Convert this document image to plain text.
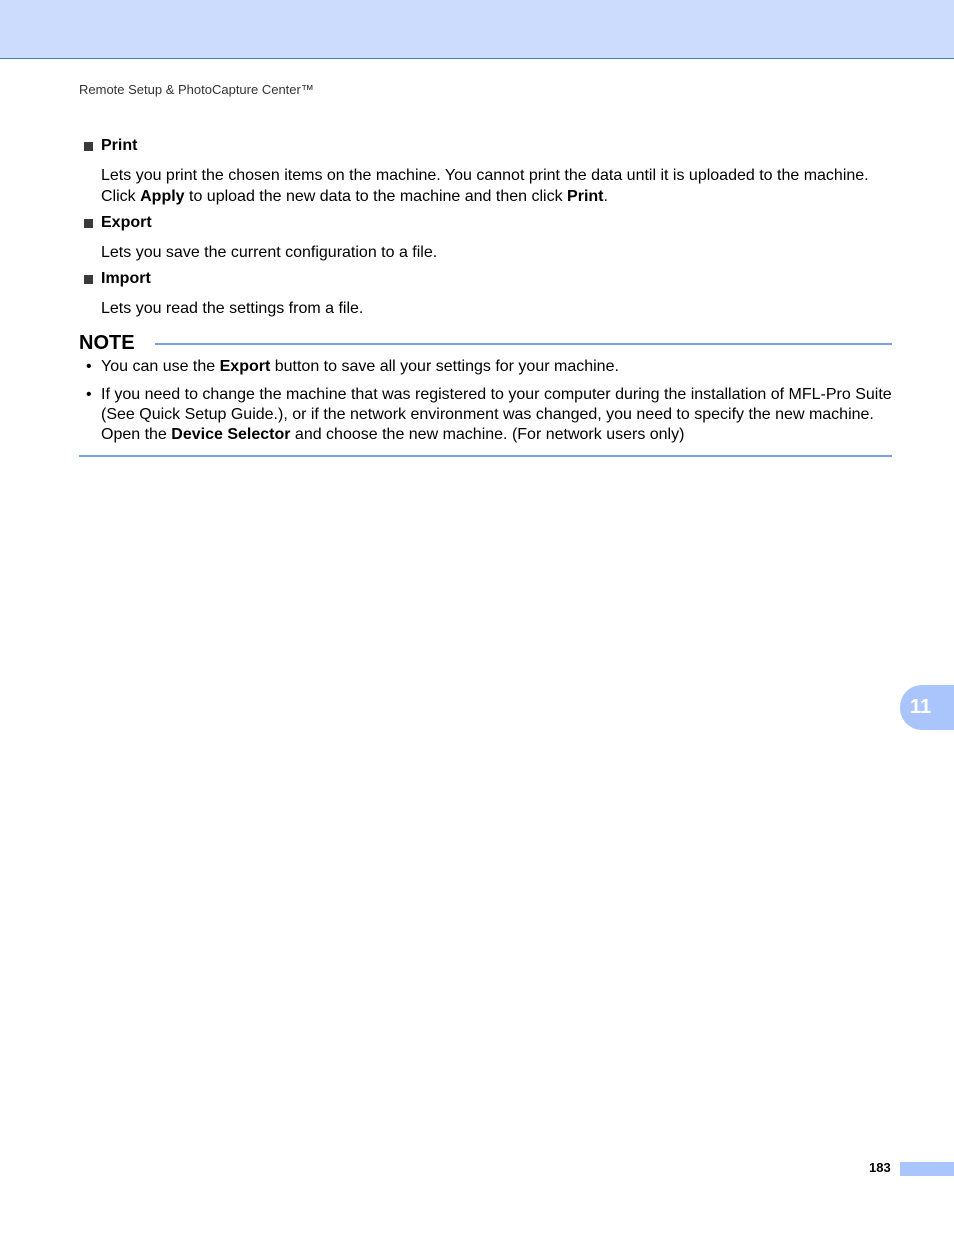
Remote Setup & PhotoCapture Center™
Print
Lets you print the chosen items on the machine. You cannot print the data until it is uploaded to the machine. Click Apply to upload the new data to the machine and then click Print.
Export
Lets you save the current configuration to a file.
Import
Lets you read the settings from a file.
NOTE
• You can use the Export button to save all your settings for your machine.
• If you need to change the machine that was registered to your computer during the installation of MFL-Pro Suite (See Quick Setup Guide.), or if the network environment was changed, you need to specify the new machine. Open the Device Selector and choose the new machine. (For network users only)
11
183
